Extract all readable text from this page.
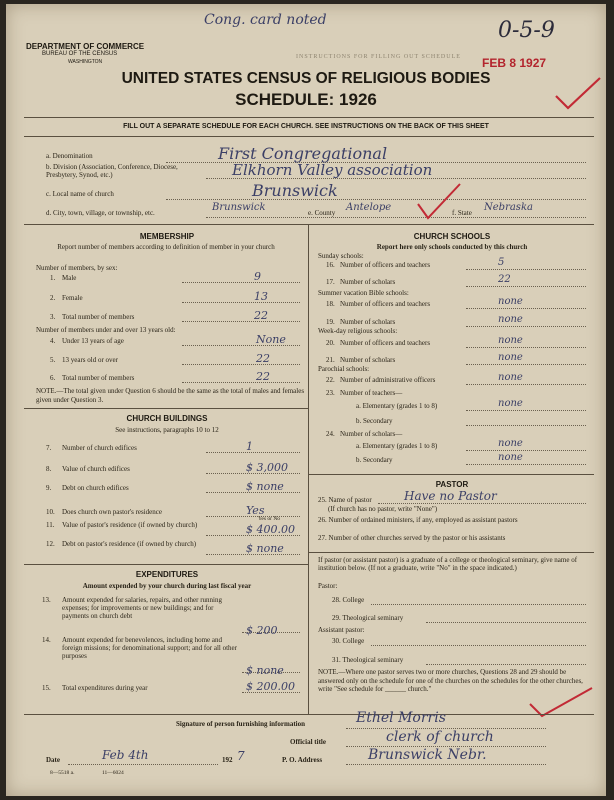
Cong. card noted	0-5-9
FEB 8 1927
DEPARTMENT OF COMMERCE
BUREAU OF THE CENSUS
WASHINGTON
INSTRUCTIONS FOR FILLING OUT SCHEDULE
UNITED STATES CENSUS OF RELIGIOUS BODIES
SCHEDULE: 1926
FILL OUT A SEPARATE SCHEDULE FOR EACH CHURCH. SEE INSTRUCTIONS ON THE BACK OF THIS SHEET
a. Denomination	First Congregational
b. Division (Association, Conference, Diocese, Presbytery, Synod, etc.)	Elkhorn Valley association
c. Local name of church	Brunswick
d. City, town, village, or township, etc.	Brunswick	e. County Antelope	f. State Nebraska
MEMBERSHIP
Report number of members according to definition of member in your church
Number of members, by sex:
Number of members under and over 13 years old:
NOTE.—The total given under Question 6 should be the same as the total of males and females given under Question 3.
CHURCH BUILDINGS
See instructions, paragraphs 10 to 12
EXPENDITURES
Amount expended by your church during last fiscal year
CHURCH SCHOOLS
Report here only schools conducted by this church
Sunday schools:
Summer vacation Bible schools:
Week-day religious schools:
Parochial schools:
PASTOR
25. Name of pastor	Have no Pastor
(If church has no pastor, write "None")
26. Number of ordained ministers, if any, employed as assistant pastors
27. Number of other churches served by the pastor or his assistants
If pastor (or assistant pastor) is a graduate of a college or theological seminary, give name of institution below. (If not a graduate, write "No" in the space indicated.)
Pastor:
28. College
29. Theological seminary
Assistant pastor:
30. College
31. Theological seminary
NOTE.—Where one pastor serves two or more churches, Questions 28 and 29 should be answered only on the schedule for one of the churches on the schedules for the other churches, write "See schedule for ______ church."
Signature of person furnishing information	Ethel Morris
Official title	clerk of church
Date	Feb 4th	192 7	P. O. Address	Brunswick Nebr.
8—5518 a.	11—6024
1. Male	9
2. Female	13
3. Total number of members	22
4. Under 13 years of age	None
5. 13 years old or over	22
6. Total number of members	22
7. Number of church edifices	1
8. Value of church edifices	$ 3,000
9. Debt on church edifices	$ none
10. Does church own pastor's residence	Yes
11. Value of pastor's residence (if owned by church)	$ 400.00
12. Debt on pastor's residence (if owned by church)	$ none
Yes or No
13. Amount expended for salaries, repairs, and other running expenses; for improvements or new buildings; and for payments on church debt
$ 200
14. Amount expended for benevolences, including home and foreign missions; for denominational support; and for all other purposes
$ none
15. Total expenditures during year	$ 200.00
16. Number of officers and teachers	5
17. Number of scholars	22
18. Number of officers and teachers	none
19. Number of scholars	none
20. Number of officers and teachers	none
21. Number of scholars	none
22. Number of administrative officers	none
23. Number of teachers—
a. Elementary (grades 1 to 8)	none
b. Secondary
24. Number of scholars—
a. Elementary (grades 1 to 8)	none
b. Secondary	none
